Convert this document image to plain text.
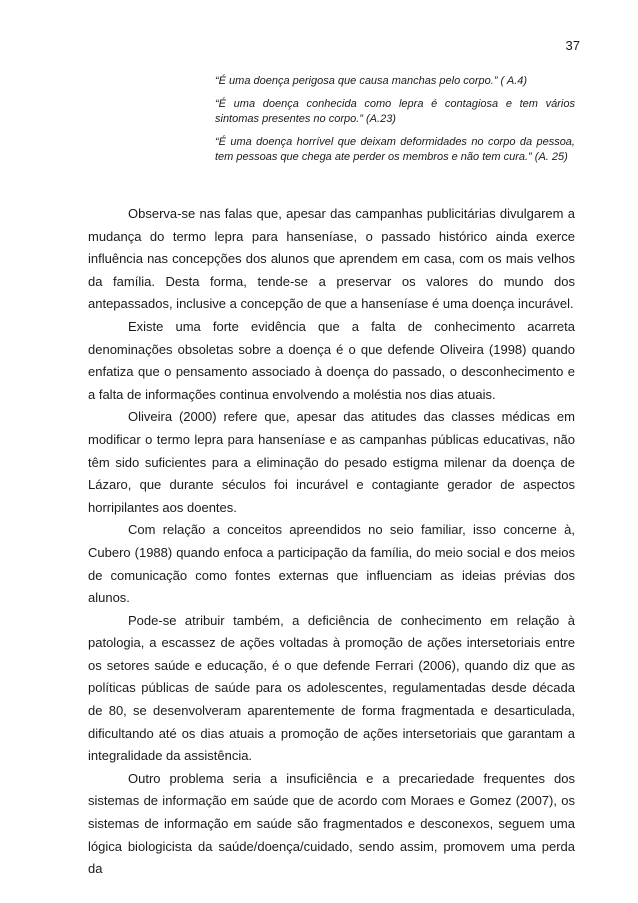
37

“É uma doença perigosa que causa manchas pelo corpo.” ( A.4)

“É uma doença conhecida como lepra é contagiosa e tem vários sintomas presentes no corpo.” (A.23)

“É uma doença horrível que deixam deformidades no corpo da pessoa, tem pessoas que chega ate perder os membros e não tem cura.” (A. 25)

Observa-se nas falas que, apesar das campanhas publicitárias divulgarem a mudança do termo lepra para hanseníase, o passado histórico ainda exerce influência nas concepções dos alunos que aprendem em casa, com os mais velhos da família. Desta forma, tende-se a preservar os valores do mundo dos antepassados, inclusive a concepção de que a hanseníase é uma doença incurável.

Existe uma forte evidência que a falta de conhecimento acarreta denominações obsoletas sobre a doença é o que defende Oliveira (1998) quando enfatiza que o pensamento associado à doença do passado, o desconhecimento e a falta de informações continua envolvendo a moléstia nos dias atuais.

Oliveira (2000) refere que, apesar das atitudes das classes médicas em modificar o termo lepra para hanseníase e as campanhas públicas educativas, não têm sido suficientes para a eliminação do pesado estigma milenar da doença de Lázaro, que durante séculos foi incurável e contagiante gerador de aspectos horripilantes aos doentes.

Com relação a conceitos apreendidos no seio familiar, isso concerne à, Cubero (1988) quando enfoca a participação da família, do meio social e dos meios de comunicação como fontes externas que influenciam as ideias prévias dos alunos.

Pode-se atribuir também, a deficiência de conhecimento em relação à patologia, a escassez de ações voltadas à promoção de ações intersetoriais entre os setores saúde e educação, é o que defende Ferrari (2006), quando diz que as políticas públicas de saúde para os adolescentes, regulamentadas desde década de 80, se desenvolveram aparentemente de forma fragmentada e desarticulada, dificultando até os dias atuais a promoção de ações intersetoriais que garantam a integralidade da assistência.

Outro problema seria a insuficiência e a precariedade frequentes dos sistemas de informação em saúde que de acordo com Moraes e Gomez (2007), os sistemas de informação em saúde são fragmentados e desconexos, seguem uma lógica biologicista da saúde/doença/cuidado, sendo assim, promovem uma perda da
